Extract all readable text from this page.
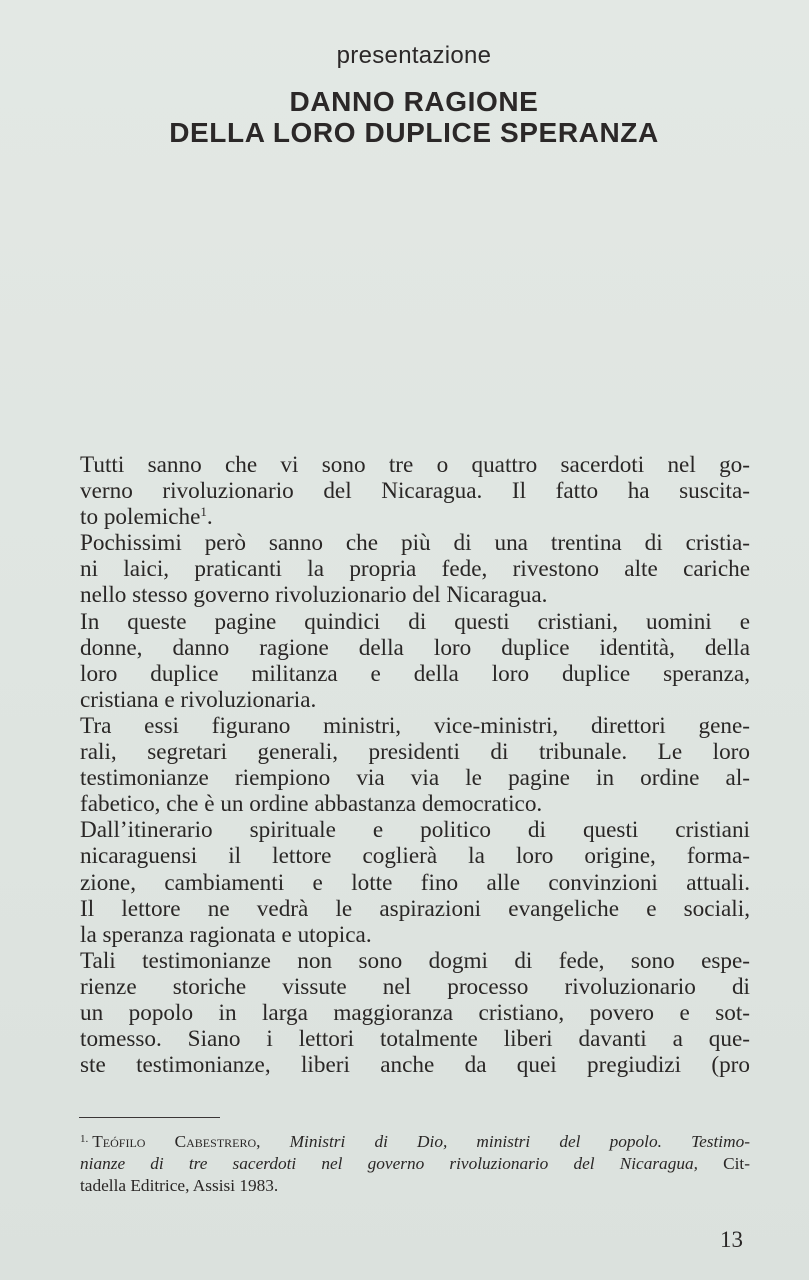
presentazione
DANNO RAGIONE
DELLA LORO DUPLICE SPERANZA
Tutti sanno che vi sono tre o quattro sacerdoti nel go-
verno rivoluzionario del Nicaragua. Il fatto ha suscita-
to polemiche$^1$.
Pochissimi però sanno che più di una trentina di cristia-
ni laici, praticanti la propria fede, rivestono alte cariche
nello stesso governo rivoluzionario del Nicaragua.
In queste pagine quindici di questi cristiani, uomini e
donne, danno ragione della loro duplice identità, della
loro duplice militanza e della loro duplice speranza,
cristiana e rivoluzionaria.
Tra essi figurano ministri, vice-ministri, direttori gene-
rali, segretari generali, presidenti di tribunale. Le loro
testimonianze riempiono via via le pagine in ordine al-
fabetico, che è un ordine abbastanza democratico.
Dall’itinerario spirituale e politico di questi cristiani
nicaraguensi il lettore coglierà la loro origine, forma-
zione, cambiamenti e lotte fino alle convinzioni attuali.
Il lettore ne vedrà le aspirazioni evangeliche e sociali,
la speranza ragionata e utopica.
Tali testimonianze non sono dogmi di fede, sono espe-
rienze storiche vissute nel processo rivoluzionario di
un popolo in larga maggioranza cristiano, povero e sot-
tomesso. Siano i lettori totalmente liberi davanti a que-
ste testimonianze, liberi anche da quei pregiudizi (pro
$^{1.}$ Teófilo Cabestrero, Ministri di Dio, ministri del popolo. Testimo-
nianze di tre sacerdoti nel governo rivoluzionario del Nicaragua, Cit-
tadella Editrice, Assisi 1983.
13
